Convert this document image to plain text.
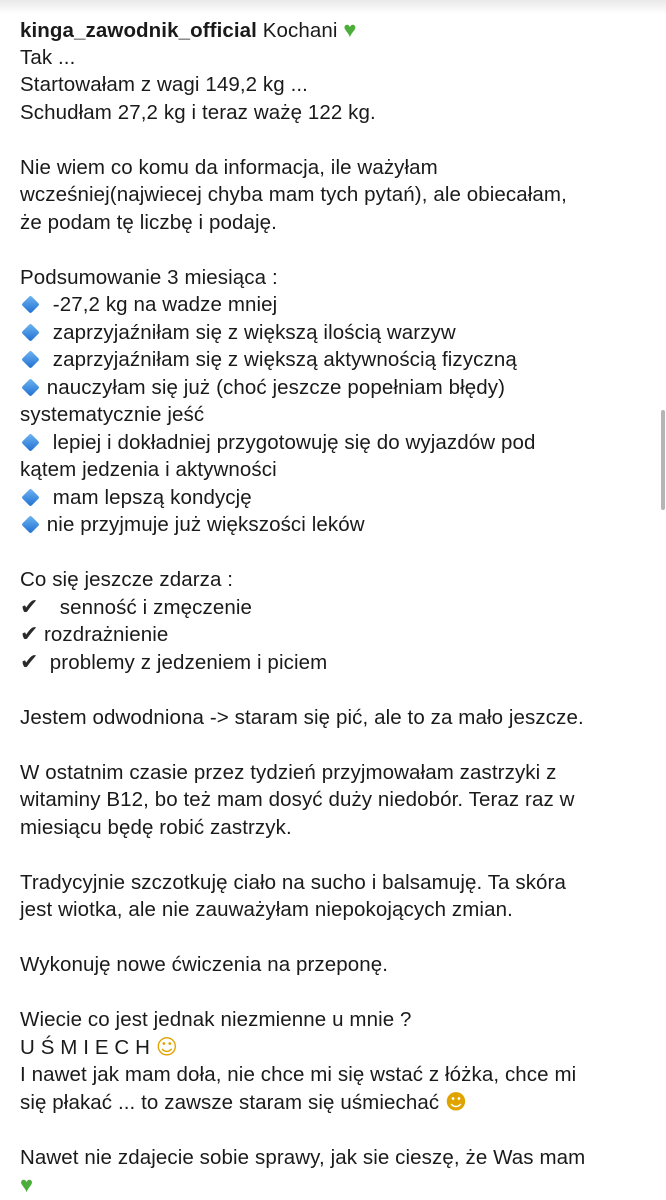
kinga_zawodnik_official Kochani ♥
Tak ...
Startowałam z wagi 149,2 kg ...
Schudłam 27,2 kg i teraz ważę 122 kg.
Nie wiem co komu da informacja, ile ważyłam
wcześniej(najwiecej chyba mam tych pytań), ale obiecałam,
że podam tę liczbę i podaję.
Podsumowanie 3 miesiąca :
-27,2 kg na wadze mniej
zaprzyjaźniłam się z większą ilością warzyw
zaprzyjaźniłam się z większą aktywnością fizyczną
nauczyłam się już (choć jeszcze popełniam błędy)
systematycznie jeść
lepiej i dokładniej przygotowuję się do wyjazdów pod
kątem jedzenia i aktywności
mam lepszą kondycję
nie przyjmuje już większości leków
Co się jeszcze zdarza :
✔ senność i zmęczenie
✔ rozdrażnienie
✔ problemy z jedzeniem i piciem
Jestem odwodniona -> staram się pić, ale to za mało jeszcze.
W ostatnim czasie przez tydzień przyjmowałam zastrzyki z
witaminy B12, bo też mam dosyć duży niedobór. Teraz raz w
miesiącu będę robić zastrzyk.
Tradycyjnie szczotkuję ciało na sucho i balsamuję. Ta skóra
jest wiotka, ale nie zauważyłam niepokojących zmian.
Wykonuję nowe ćwiczenia na przeponę.
Wiecie co jest jednak niezmienne u mnie ?
U Ś M I E C H ☺
I nawet jak mam doła, nie chce mi się wstać z łóżka, chce mi
się płakać ... to zawsze staram się uśmiechać ☻
Nawet nie zdajecie sobie sprawy, jak sie cieszę, że Was mam
♥
